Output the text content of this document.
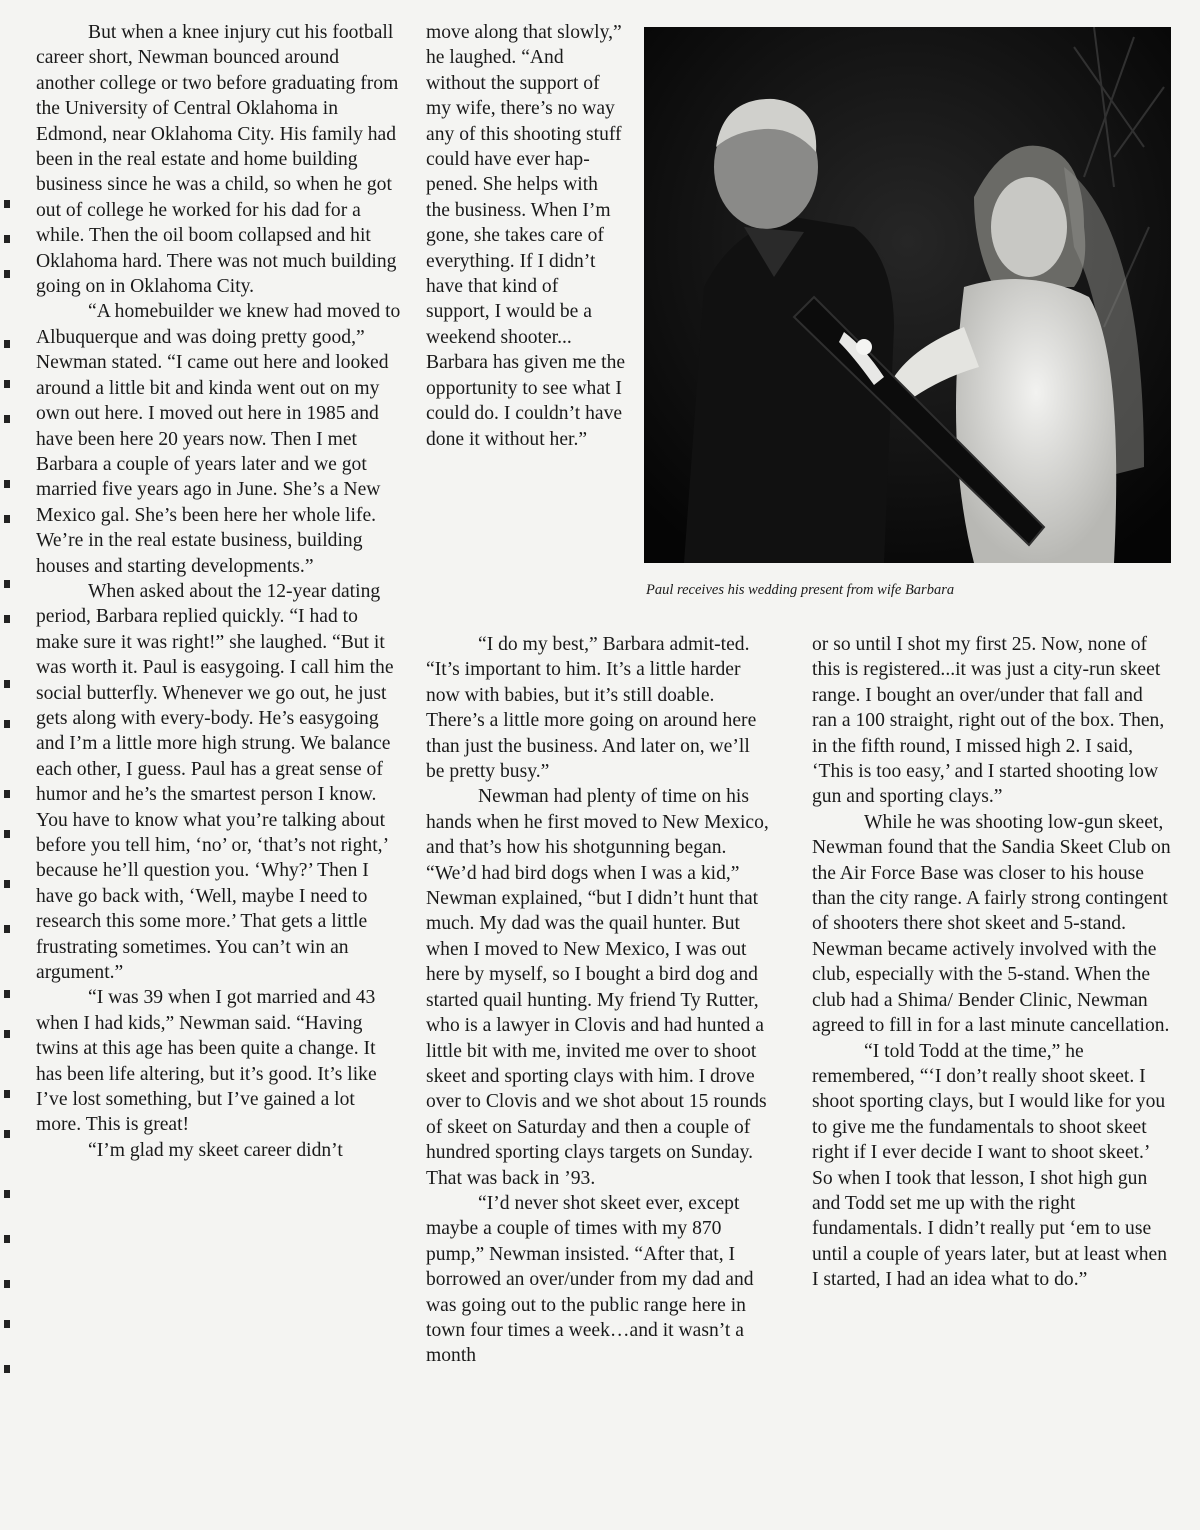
But when a knee injury cut his football career short, Newman bounced around another college or two before graduating from the University of Central Oklahoma in Edmond, near Oklahoma City. His family had been in the real estate and home building business since he was a child, so when he got out of college he worked for his dad for a while. Then the oil boom collapsed and hit Oklahoma hard. There was not much building going on in Oklahoma City.

“A homebuilder we knew had moved to Albuquerque and was doing pretty good,” Newman stated. “I came out here and looked around a little bit and kinda went out on my own out here. I moved out here in 1985 and have been here 20 years now. Then I met Barbara a couple of years later and we got married five years ago in June. She’s a New Mexico gal. She’s been here her whole life. We’re in the real estate business, building houses and starting developments.”

When asked about the 12-year dating period, Barbara replied quickly. “I had to make sure it was right!” she laughed. “But it was worth it. Paul is easygoing. I call him the social butterfly. Whenever we go out, he just gets along with every-body. He’s easygoing and I’m a little more high strung. We balance each other, I guess. Paul has a great sense of humor and he’s the smartest person I know. You have to know what you’re talking about before you tell him, ‘no’ or, ‘that’s not right,’ because he’ll question you. ‘Why?’ Then I have go back with, ‘Well, maybe I need to research this some more.’ That gets a little frustrating sometimes. You can’t win an argument.”

“I was 39 when I got married and 43 when I had kids,” Newman said. “Having twins at this age has been quite a change. It has been life altering, but it’s good. It’s like I’ve lost something, but I’ve gained a lot more. This is great!

“I’m glad my skeet career didn’t

move along that slowly,” he laughed. “And without the support of my wife, there’s no way any of this shooting stuff could have ever hap-pened. She helps with the business. When I’m gone, she takes care of everything. If I didn’t have that kind of support, I would be a weekend shooter... Barbara has given me the opportunity to see what I could do. I couldn’t have done it without her.”

Paul receives his wedding present from wife Barbara

“I do my best,” Barbara admit-ted. “It’s important to him. It’s a little harder now with babies, but it’s still doable. There’s a little more going on around here than just the business. And later on, we’ll be pretty busy.”

Newman had plenty of time on his hands when he first moved to New Mexico, and that’s how his shotgunning began. “We’d had bird dogs when I was a kid,” Newman explained, “but I didn’t hunt that much. My dad was the quail hunter. But when I moved to New Mexico, I was out here by myself, so I bought a bird dog and started quail hunting. My friend Ty Rutter, who is a lawyer in Clovis and had hunted a little bit with me, invited me over to shoot skeet and sporting clays with him. I drove over to Clovis and we shot about 15 rounds of skeet on Saturday and then a couple of hundred sporting clays targets on Sunday. That was back in ’93.

“I’d never shot skeet ever, except maybe a couple of times with my 870 pump,” Newman insisted. “After that, I borrowed an over/under from my dad and was going out to the public range here in town four times a week…and it wasn’t a month

or so until I shot my first 25. Now, none of this is registered...it was just a city-run skeet range. I bought an over/under that fall and ran a 100 straight, right out of the box. Then, in the fifth round, I missed high 2. I said, ‘This is too easy,’ and I started shooting low gun and sporting clays.”

While he was shooting low-gun skeet, Newman found that the Sandia Skeet Club on the Air Force Base was closer to his house than the city range. A fairly strong contingent of shooters there shot skeet and 5-stand. Newman became actively involved with the club, especially with the 5-stand. When the club had a Shima/ Bender Clinic, Newman agreed to fill in for a last minute cancellation.

“I told Todd at the time,” he remembered, “‘I don’t really shoot skeet. I shoot sporting clays, but I would like for you to give me the fundamentals to shoot skeet right if I ever decide I want to shoot skeet.’ So when I took that lesson, I shot high gun and Todd set me up with the right fundamentals. I didn’t really put ‘em to use until a couple of years later, but at least when I started, I had an idea what to do.”
